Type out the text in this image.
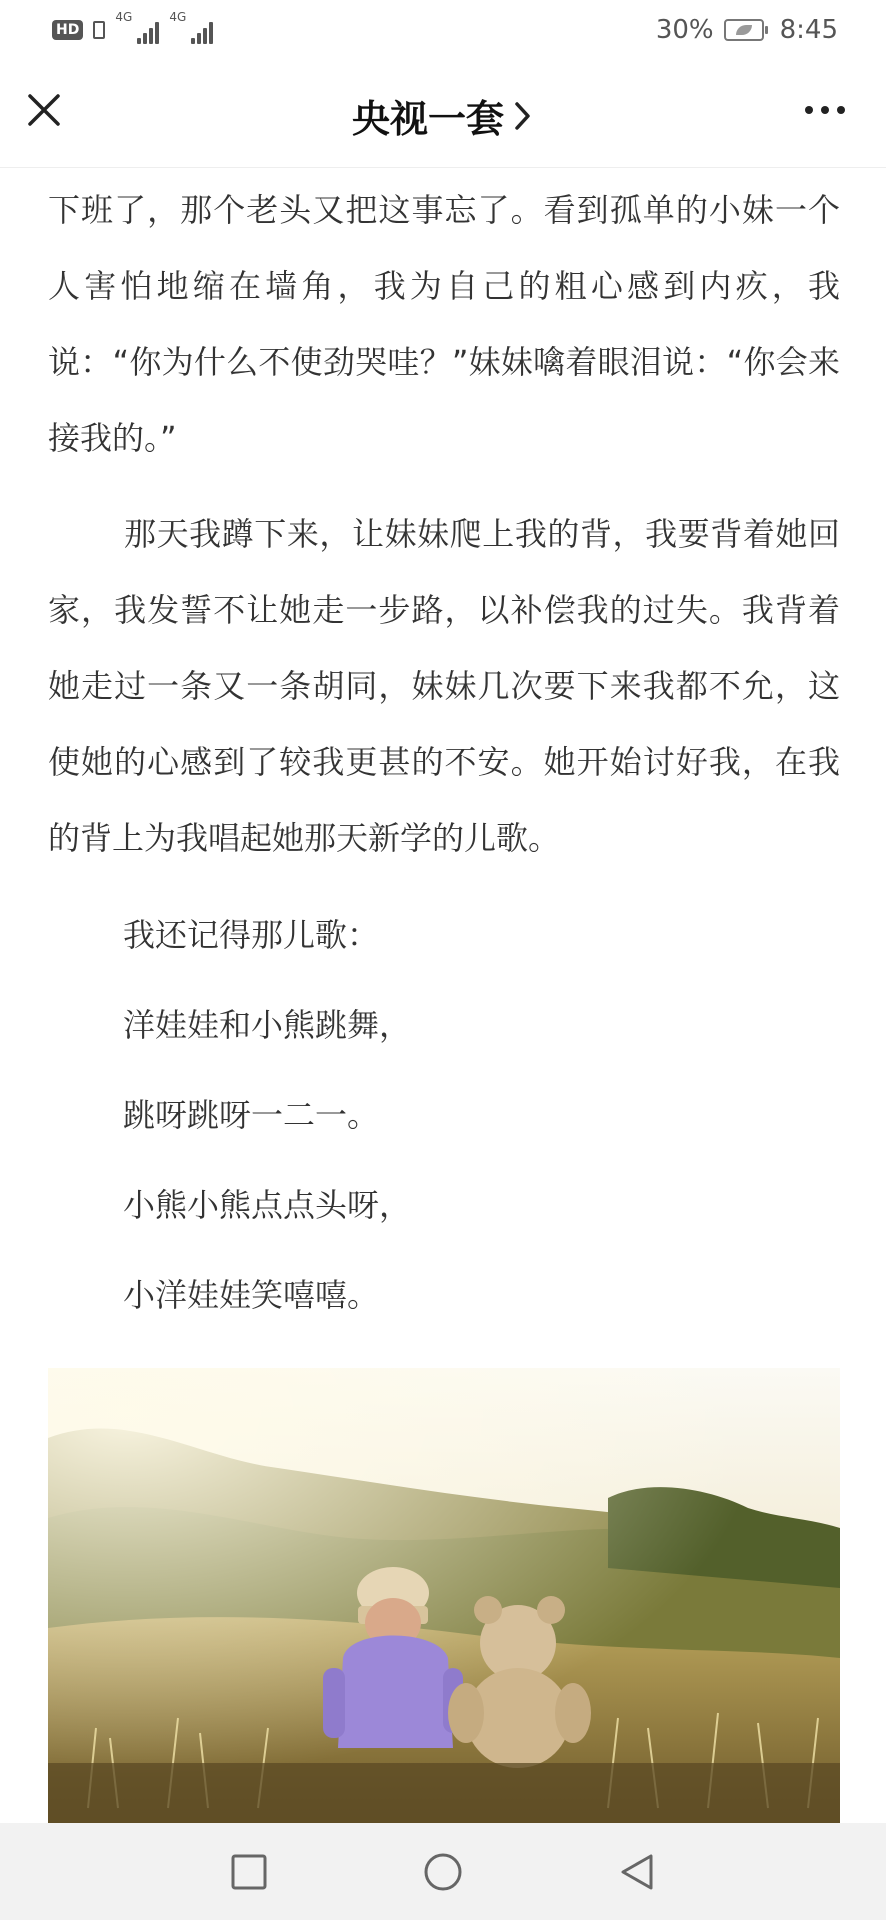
HD
4G	4G	30%	8:45
央视一套

下班了，那个老头又把这事忘了。看到孤单的小妹一个人害怕地缩在墙角，我为自己的粗心感到内疚，我说：“你为什么不使劲哭哇？”妹妹噙着眼泪说：“你会来接我的。”

那天我蹲下来，让妹妹爬上我的背，我要背着她回家，我发誓不让她走一步路，以补偿我的过失。我背着她走过一条又一条胡同，妹妹几次要下来我都不允，这使她的心感到了较我更甚的不安。她开始讨好我，在我的背上为我唱起她那天新学的儿歌。

我还记得那儿歌：

洋娃娃和小熊跳舞，

跳呀跳呀一二一。

小熊小熊点点头呀，

小洋娃娃笑嘻嘻。
